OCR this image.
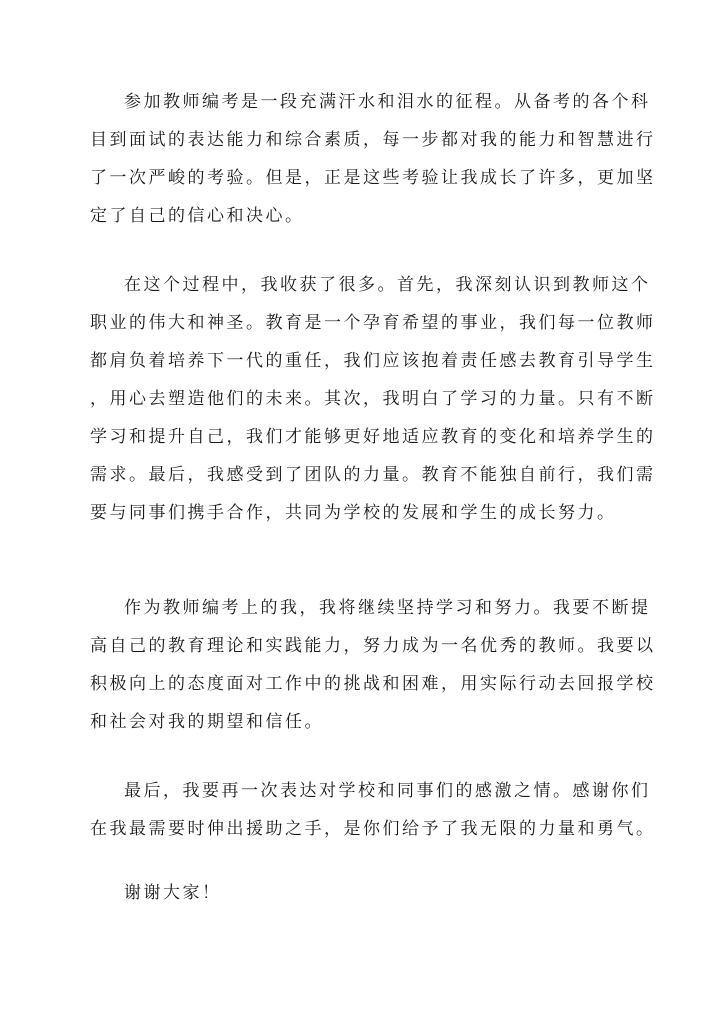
参加教师编考是一段充满汗水和泪水的征程。从备考的各个科
目到面试的表达能力和综合素质，每一步都对我的能力和智慧进行
了一次严峻的考验。但是，正是这些考验让我成长了许多，更加坚
定了自己的信心和决心。

在这个过程中，我收获了很多。首先，我深刻认识到教师这个
职业的伟大和神圣。教育是一个孕育希望的事业，我们每一位教师
都肩负着培养下一代的重任，我们应该抱着责任感去教育引导学生
，用心去塑造他们的未来。其次，我明白了学习的力量。只有不断
学习和提升自己，我们才能够更好地适应教育的变化和培养学生的
需求。最后，我感受到了团队的力量。教育不能独自前行，我们需
要与同事们携手合作，共同为学校的发展和学生的成长努力。

作为教师编考上的我，我将继续坚持学习和努力。我要不断提
高自己的教育理论和实践能力，努力成为一名优秀的教师。我要以
积极向上的态度面对工作中的挑战和困难，用实际行动去回报学校
和社会对我的期望和信任。

最后，我要再一次表达对学校和同事们的感激之情。感谢你们
在我最需要时伸出援助之手，是你们给予了我无限的力量和勇气。

谢谢大家！
